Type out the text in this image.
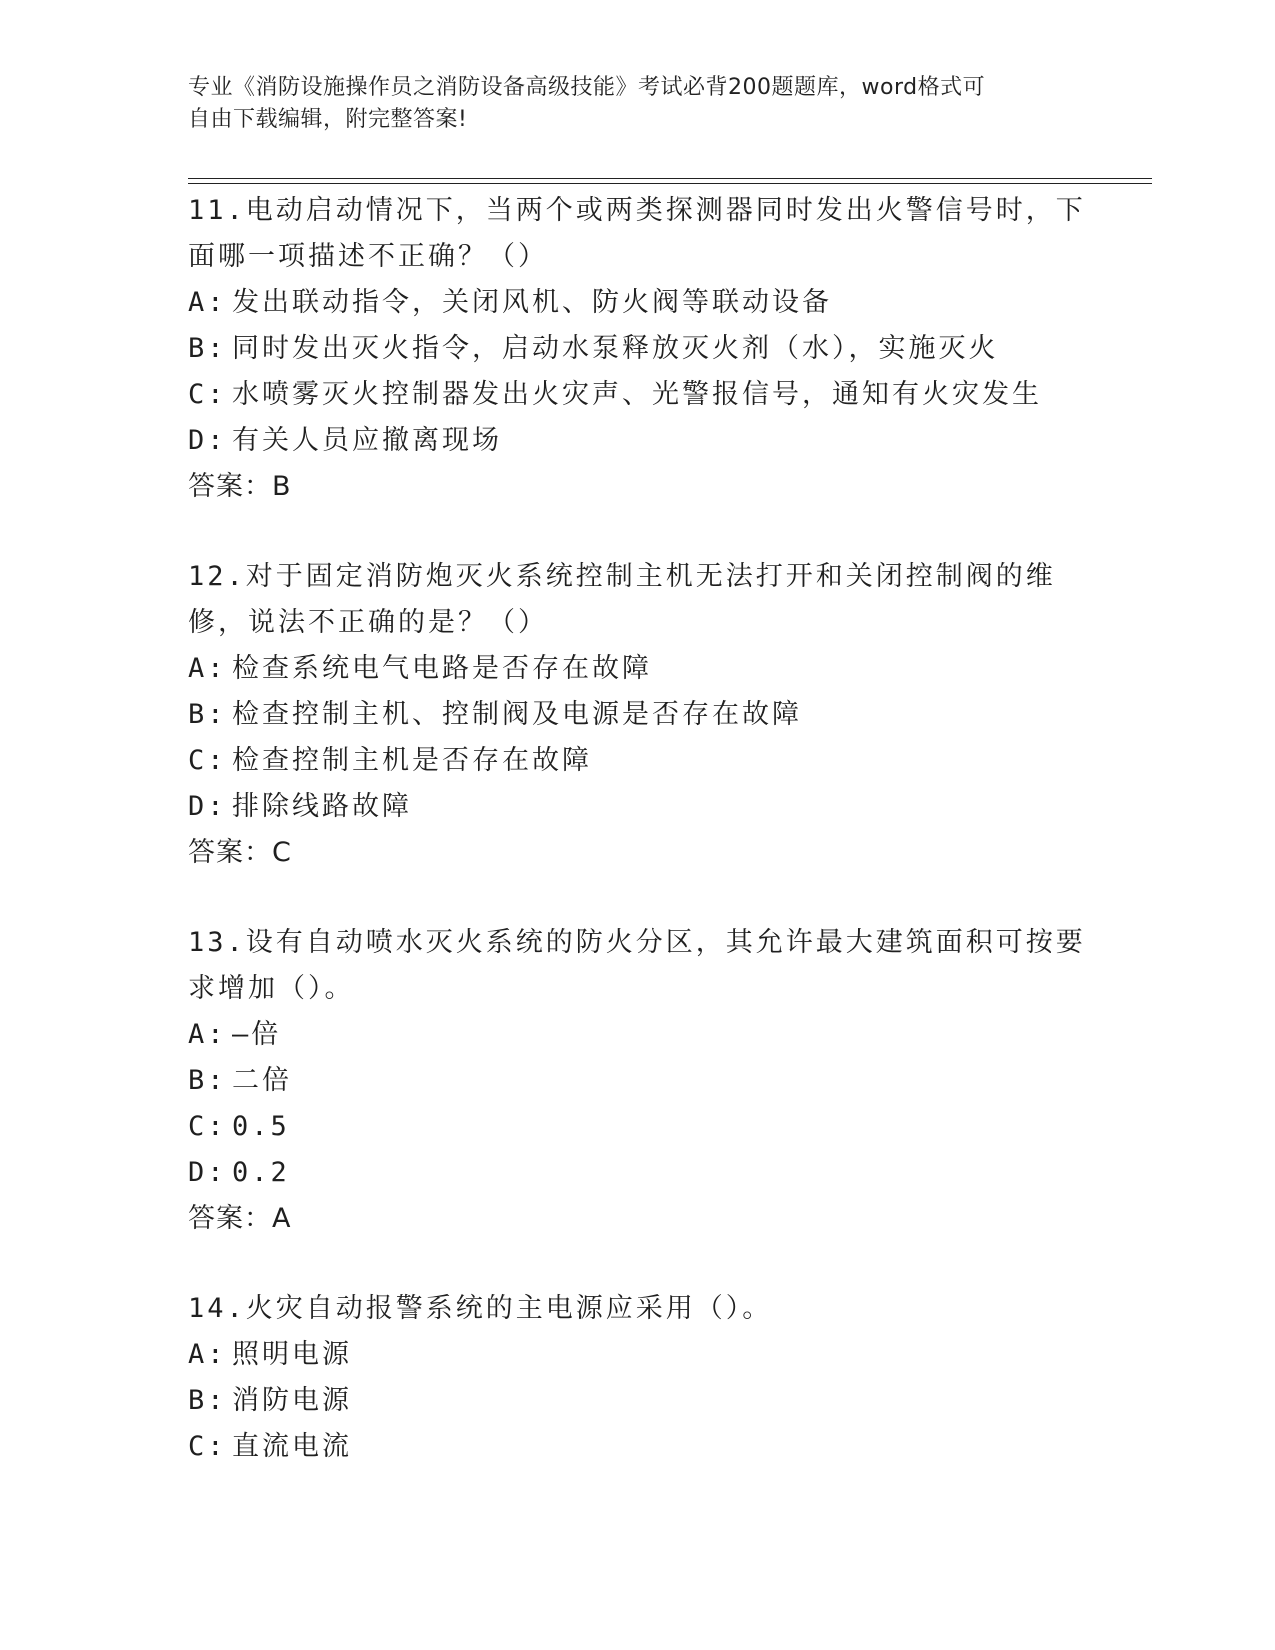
专业《消防设施操作员之消防设备高级技能》考试必背200题题库，word格式可
自由下载编辑，附完整答案!

11.电动启动情况下，当两个或两类探测器同时发出火警信号时，下面哪一项描述不正确？（）

A: 发出联动指令，关闭风机、防火阀等联动设备

B: 同时发出灭火指令，启动水泵释放灭火剂（水），实施灭火

C: 水喷雾灭火控制器发出火灾声、光警报信号，通知有火灾发生

D: 有关人员应撤离现场

答案：B

12.对于固定消防炮灭火系统控制主机无法打开和关闭控制阀的维修，说法不正确的是？（）

A: 检查系统电气电路是否存在故障

B: 检查控制主机、控制阀及电源是否存在故障

C: 检查控制主机是否存在故障

D: 排除线路故障

答案：C

13.设有自动喷水灭火系统的防火分区，其允许最大建筑面积可按要求增加（）。

A: —倍

B: 二倍

C: 0.5

D: 0.2

答案：A

14.火灾自动报警系统的主电源应采用（）。

A: 照明电源

B: 消防电源

C: 直流电流
